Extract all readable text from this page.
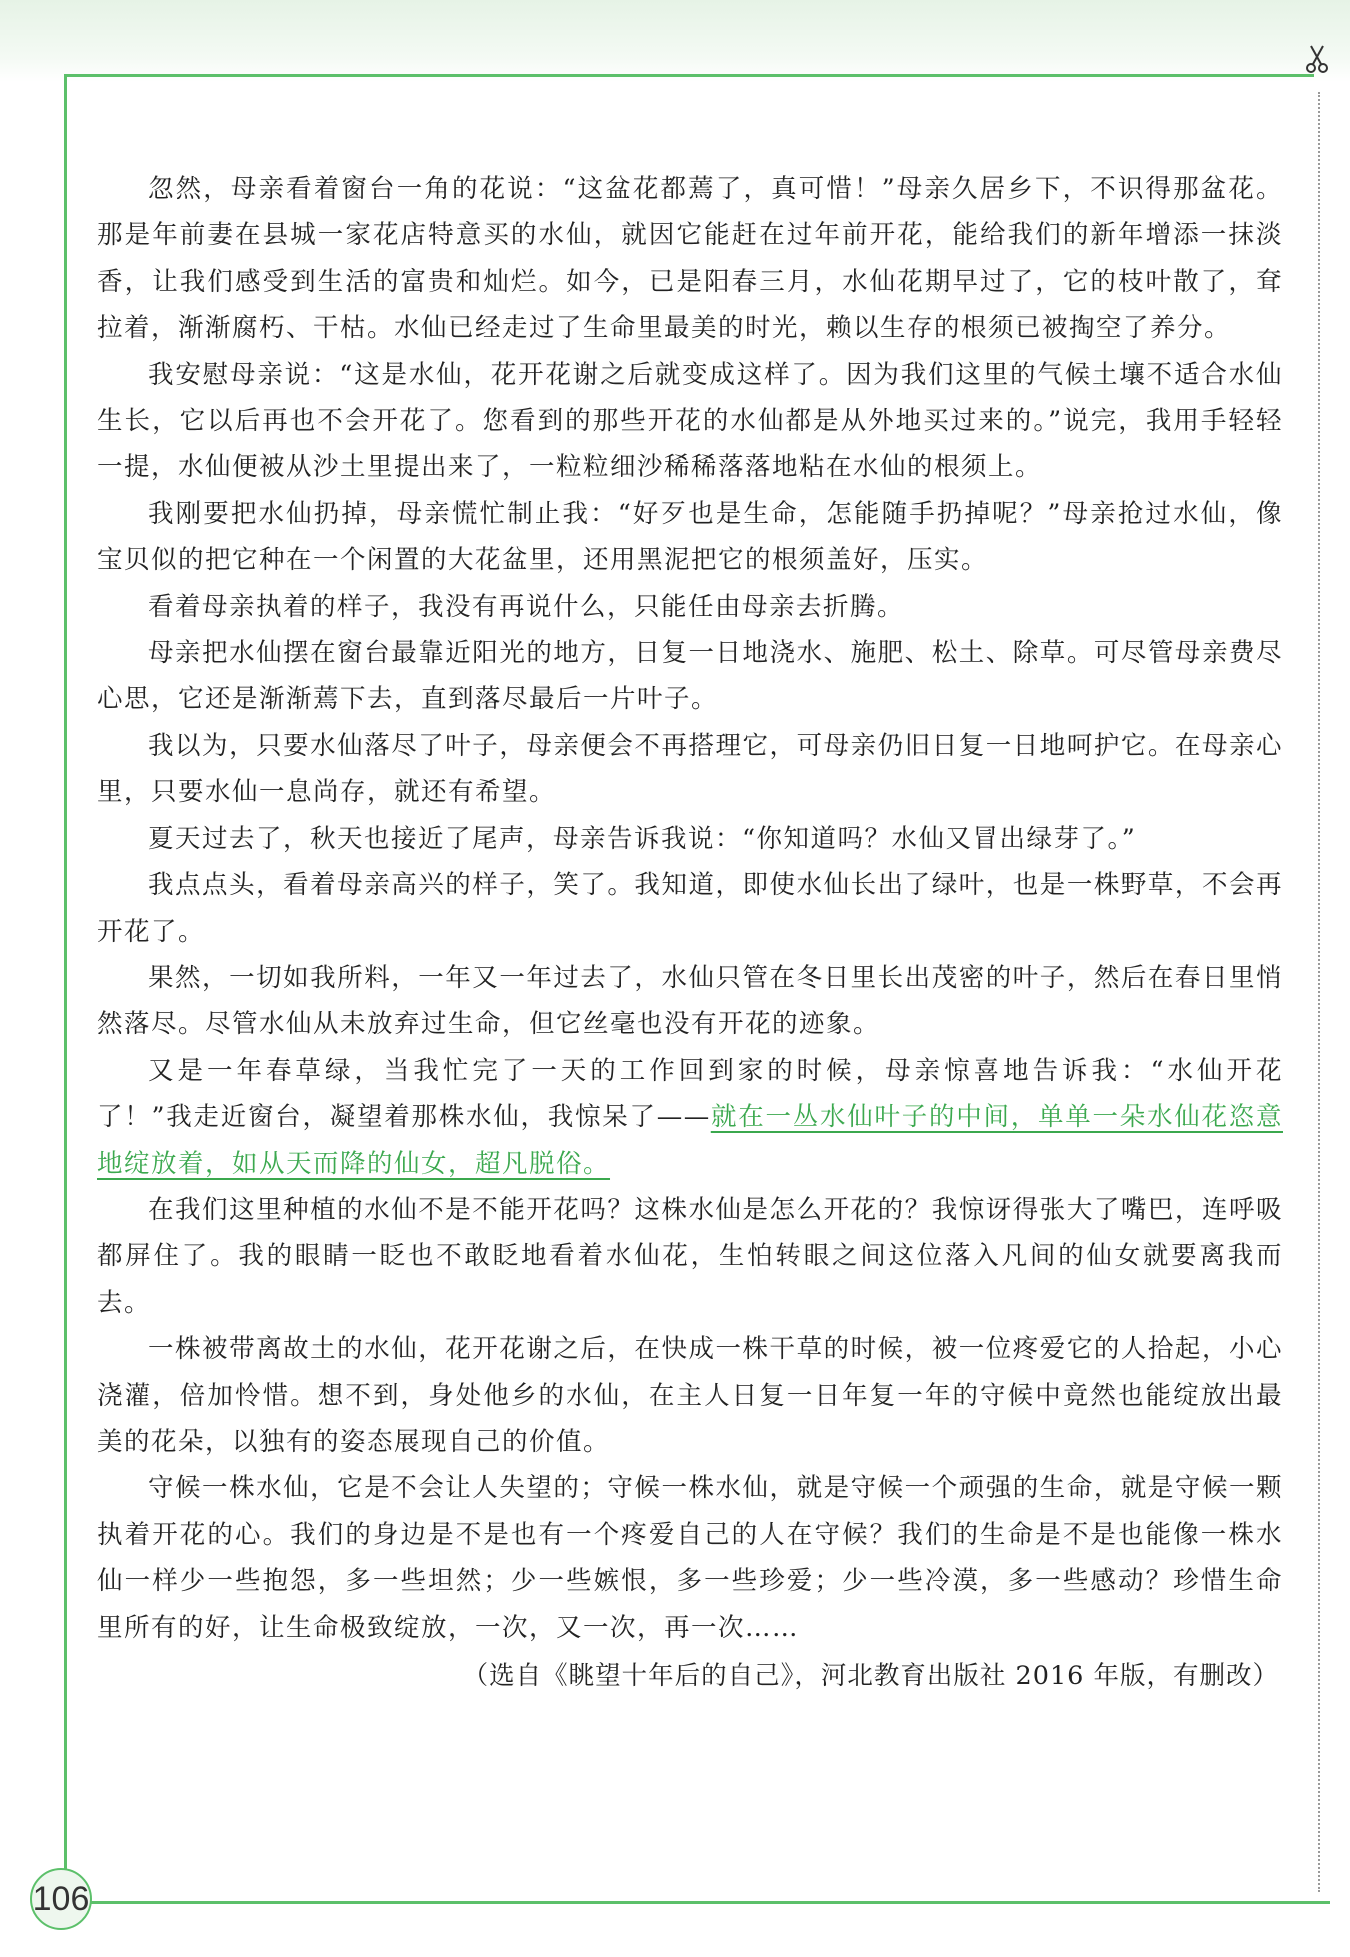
106

忽然，母亲看着窗台一角的花说：“这盆花都蔫了，真可惜！”母亲久居乡下，不识得那盆花。那是年前妻在县城一家花店特意买的水仙，就因它能赶在过年前开花，能给我们的新年增添一抹淡香，让我们感受到生活的富贵和灿烂。如今，已是阳春三月，水仙花期早过了，它的枝叶散了，耷拉着，渐渐腐朽、干枯。水仙已经走过了生命里最美的时光，赖以生存的根须已被掏空了养分。

我安慰母亲说：“这是水仙，花开花谢之后就变成这样了。因为我们这里的气候土壤不适合水仙生长，它以后再也不会开花了。您看到的那些开花的水仙都是从外地买过来的。”说完，我用手轻轻一提，水仙便被从沙土里提出来了，一粒粒细沙稀稀落落地粘在水仙的根须上。

我刚要把水仙扔掉，母亲慌忙制止我：“好歹也是生命，怎能随手扔掉呢？”母亲抢过水仙，像宝贝似的把它种在一个闲置的大花盆里，还用黑泥把它的根须盖好，压实。

看着母亲执着的样子，我没有再说什么，只能任由母亲去折腾。

母亲把水仙摆在窗台最靠近阳光的地方，日复一日地浇水、施肥、松土、除草。可尽管母亲费尽心思，它还是渐渐蔫下去，直到落尽最后一片叶子。

我以为，只要水仙落尽了叶子，母亲便会不再搭理它，可母亲仍旧日复一日地呵护它。在母亲心里，只要水仙一息尚存，就还有希望。

夏天过去了，秋天也接近了尾声，母亲告诉我说：“你知道吗？水仙又冒出绿芽了。”

我点点头，看着母亲高兴的样子，笑了。我知道，即使水仙长出了绿叶，也是一株野草，不会再开花了。

果然，一切如我所料，一年又一年过去了，水仙只管在冬日里长出茂密的叶子，然后在春日里悄然落尽。尽管水仙从未放弃过生命，但它丝毫也没有开花的迹象。

又是一年春草绿，当我忙完了一天的工作回到家的时候，母亲惊喜地告诉我：“水仙开花了！”我走近窗台，凝望着那株水仙，我惊呆了——就在一丛水仙叶子的中间，单单一朵水仙花恣意地绽放着，如从天而降的仙女，超凡脱俗。

在我们这里种植的水仙不是不能开花吗？这株水仙是怎么开花的？我惊讶得张大了嘴巴，连呼吸都屏住了。我的眼睛一眨也不敢眨地看着水仙花，生怕转眼之间这位落入凡间的仙女就要离我而去。

一株被带离故土的水仙，花开花谢之后，在快成一株干草的时候，被一位疼爱它的人拾起，小心浇灌，倍加怜惜。想不到，身处他乡的水仙，在主人日复一日年复一年的守候中竟然也能绽放出最美的花朵，以独有的姿态展现自己的价值。

守候一株水仙，它是不会让人失望的；守候一株水仙，就是守候一个顽强的生命，就是守候一颗执着开花的心。我们的身边是不是也有一个疼爱自己的人在守候？我们的生命是不是也能像一株水仙一样少一些抱怨，多一些坦然；少一些嫉恨，多一些珍爱；少一些冷漠，多一些感动？珍惜生命里所有的好，让生命极致绽放，一次，又一次，再一次……

（选自《眺望十年后的自己》，河北教育出版社 2016 年版，有删改）
